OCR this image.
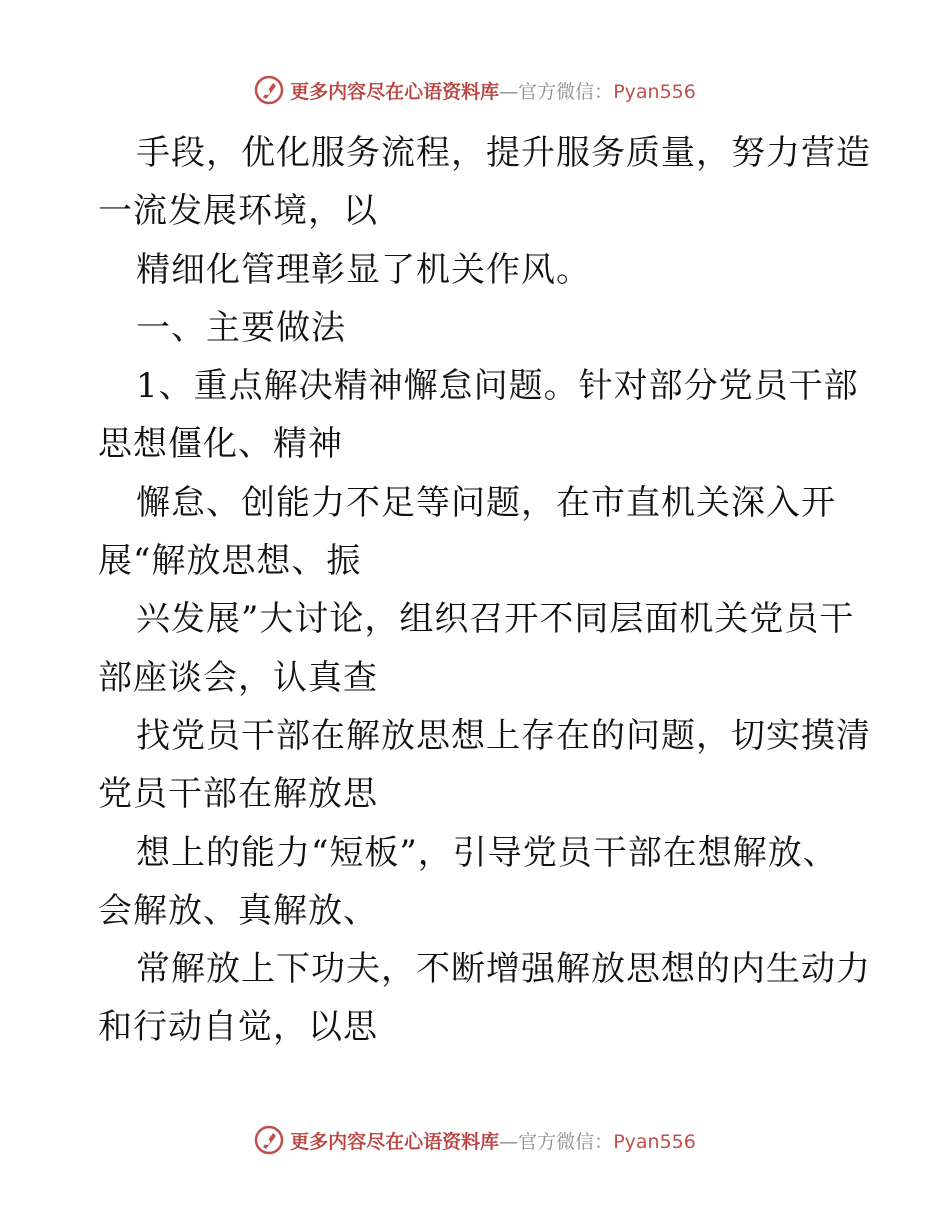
更多内容尽在心语资料库—官方微信：Pyan556
手段，优化服务流程，提升服务质量，努力营造
一流发展环境，以
精细化管理彰显了机关作风。
一、主要做法
1、重点解决精神懈怠问题。针对部分党员干部
思想僵化、精神
懈怠、创能力不足等问题，在市直机关深入开
展“解放思想、振
兴发展”大讨论，组织召开不同层面机关党员干
部座谈会，认真查
找党员干部在解放思想上存在的问题，切实摸清
党员干部在解放思
想上的能力“短板”，引导党员干部在想解放、
会解放、真解放、
常解放上下功夫，不断增强解放思想的内生动力
和行动自觉，以思
更多内容尽在心语资料库—官方微信：Pyan556
